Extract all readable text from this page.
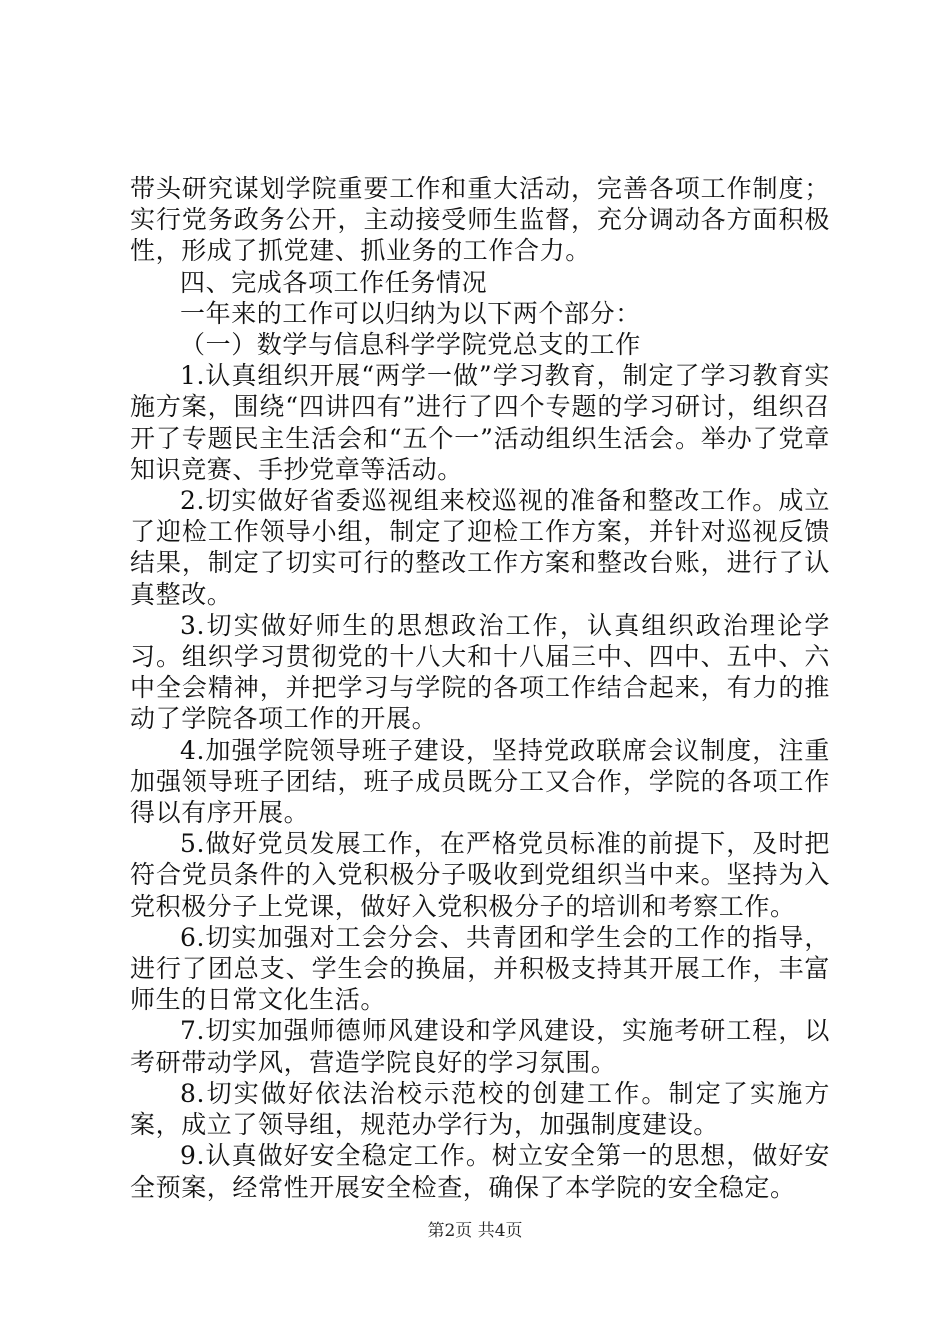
带头研究谋划学院重要工作和重大活动，完善各项工作制度；实行党务政务公开，主动接受师生监督，充分调动各方面积极性，形成了抓党建、抓业务的工作合力。

四、完成各项工作任务情况

一年来的工作可以归纳为以下两个部分：

（一）数学与信息科学学院党总支的工作

1.认真组织开展“两学一做”学习教育，制定了学习教育实施方案，围绕“四讲四有”进行了四个专题的学习研讨，组织召开了专题民主生活会和“五个一”活动组织生活会。举办了党章知识竞赛、手抄党章等活动。

2.切实做好省委巡视组来校巡视的准备和整改工作。成立了迎检工作领导小组，制定了迎检工作方案，并针对巡视反馈结果，制定了切实可行的整改工作方案和整改台账，进行了认真整改。

3.切实做好师生的思想政治工作，认真组织政治理论学习。组织学习贯彻党的十八大和十八届三中、四中、五中、六中全会精神，并把学习与学院的各项工作结合起来，有力的推动了学院各项工作的开展。

4.加强学院领导班子建设，坚持党政联席会议制度，注重加强领导班子团结，班子成员既分工又合作，学院的各项工作得以有序开展。

5.做好党员发展工作，在严格党员标准的前提下，及时把符合党员条件的入党积极分子吸收到党组织当中来。坚持为入党积极分子上党课，做好入党积极分子的培训和考察工作。

6.切实加强对工会分会、共青团和学生会的工作的指导，进行了团总支、学生会的换届，并积极支持其开展工作，丰富师生的日常文化生活。

7.切实加强师德师风建设和学风建设，实施考研工程，以考研带动学风，营造学院良好的学习氛围。

8.切实做好依法治校示范校的创建工作。制定了实施方案，成立了领导组，规范办学行为，加强制度建设。

9.认真做好安全稳定工作。树立安全第一的思想，做好安全预案，经常性开展安全检查，确保了本学院的安全稳定。

第2页 共4页
